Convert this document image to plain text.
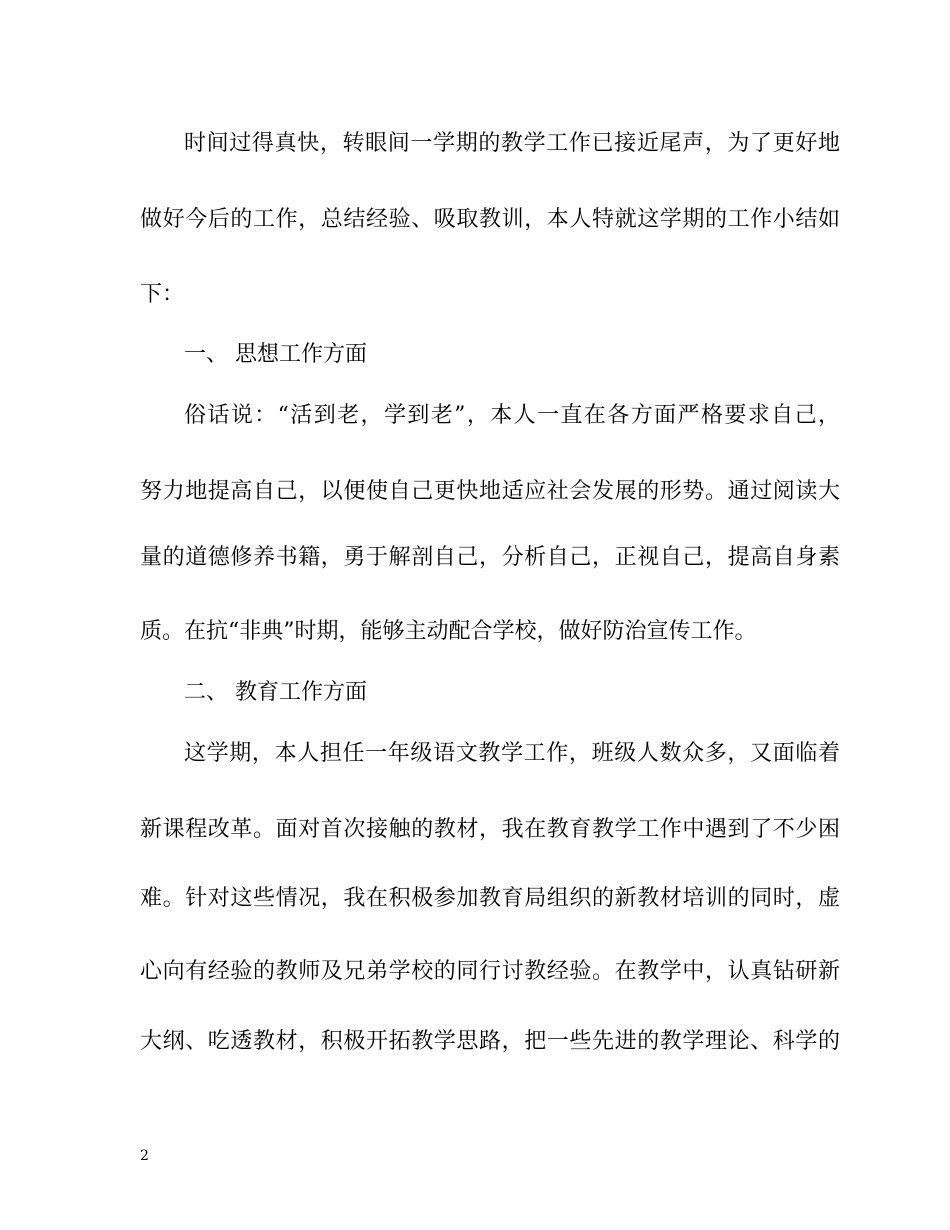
时间过得真快，转眼间一学期的教学工作已接近尾声，为了更好地
做好今后的工作，总结经验、吸取教训，本人特就这学期的工作小结如
下：
一、 思想工作方面
俗话说：“活到老，学到老”，本人一直在各方面严格要求自己，
努力地提高自己，以便使自己更快地适应社会发展的形势。通过阅读大
量的道德修养书籍，勇于解剖自己，分析自己，正视自己，提高自身素
质。在抗“非典”时期，能够主动配合学校，做好防治宣传工作。
二、 教育工作方面
这学期，本人担任一年级语文教学工作，班级人数众多，又面临着
新课程改革。面对首次接触的教材，我在教育教学工作中遇到了不少困
难。针对这些情况，我在积极参加教育局组织的新教材培训的同时，虚
心向有经验的教师及兄弟学校的同行讨教经验。在教学中，认真钻研新
大纲、吃透教材，积极开拓教学思路，把一些先进的教学理论、科学的
2
